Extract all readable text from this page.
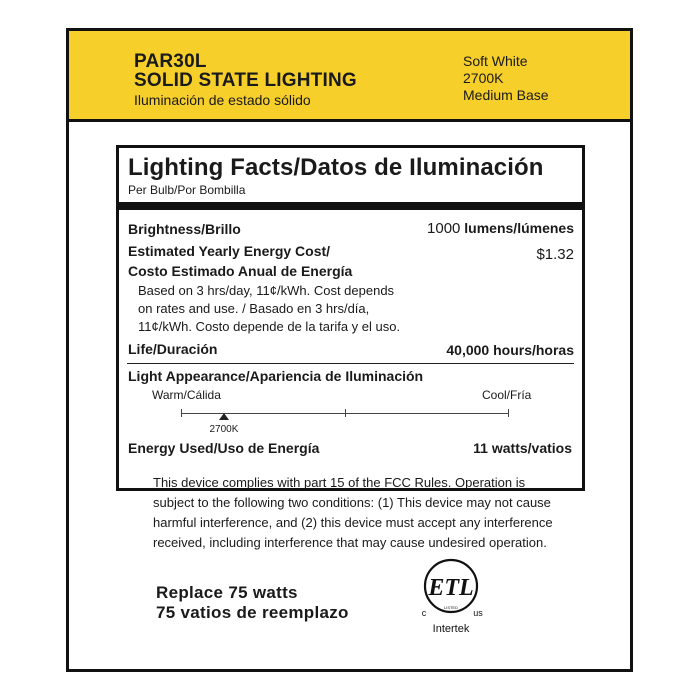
PAR30L
SOLID STATE LIGHTING
Iluminación de estado sólido
Soft White
2700K
Medium Base
Lighting Facts/Datos de Iluminación
Per Bulb/Por Bombilla
Brightness/Brillo	1000 lumens/lúmenes
Estimated Yearly Energy Cost/
Costo Estimado Anual de Energía
$1.32
Based on 3 hrs/day, 11¢/kWh. Cost depends
on rates and use. / Basado en 3 hrs/día,
11¢/kWh. Costo depende de la tarifa y el uso.
Life/Duración	40,000 hours/horas
Light Appearance/Apariencia de Iluminación
Warm/Cálida	Cool/Fría
2700K
Energy Used/Uso de Energía	11 watts/vatios
This device complies with part 15 of the FCC Rules. Operation is subject to the following two conditions: (1) This device may not cause harmful interference, and (2) this device must accept any interference received, including interference that may cause undesired operation.
Replace 75 watts
75 vatios de reemplazo
ETL
c	us
LISTED
Intertek
